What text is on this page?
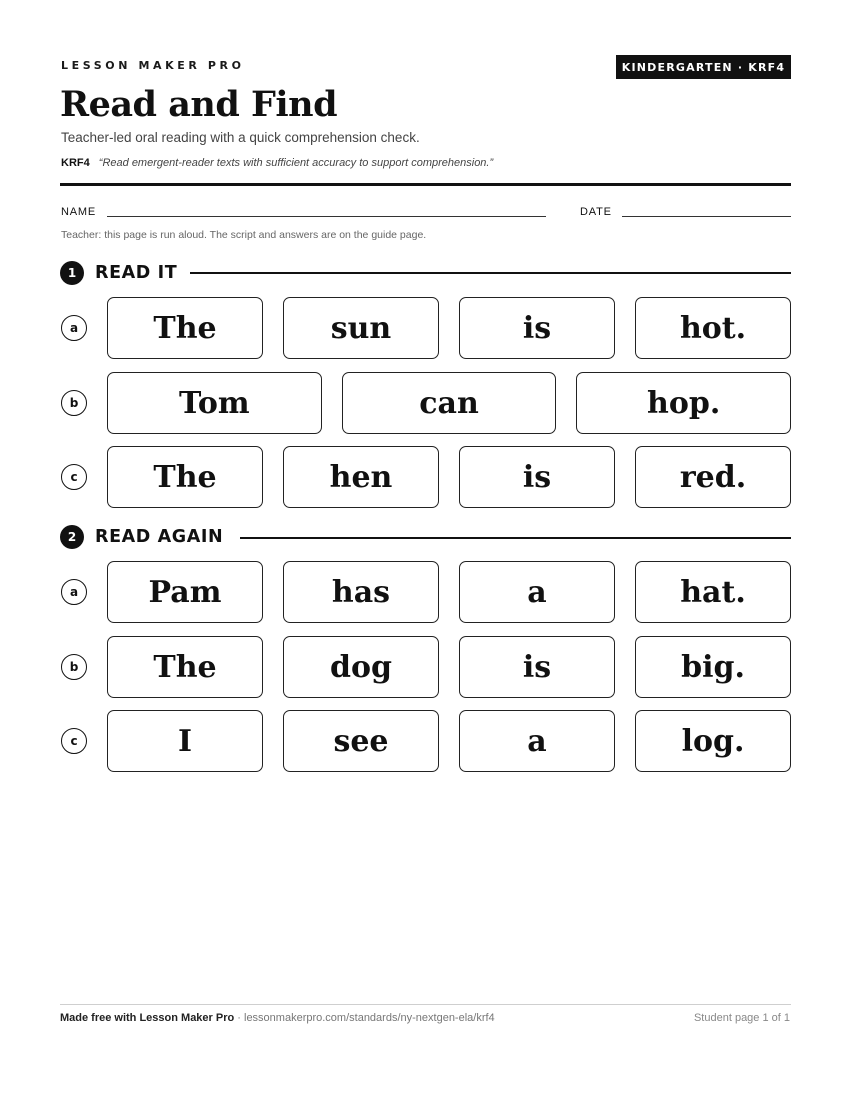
LESSON MAKER PRO	KINDERGARTEN · KRF4
Read and Find
Teacher-led oral reading with a quick comprehension check.
KRF4 “Read emergent-reader texts with sufficient accuracy to support comprehension.”
NAME	DATE
Teacher: this page is run aloud. The script and answers are on the guide page.
1	READ IT
a	The	sun	is	hot.
b	Tom	can	hop.
c	The	hen	is	red.
2	READ AGAIN
a	Pam	has	a	hat.
b	The	dog	is	big.
c	I	see	a	log.
Made free with Lesson Maker Pro · lessonmakerpro.com/standards/ny-nextgen-ela/krf4	Student page 1 of 1
